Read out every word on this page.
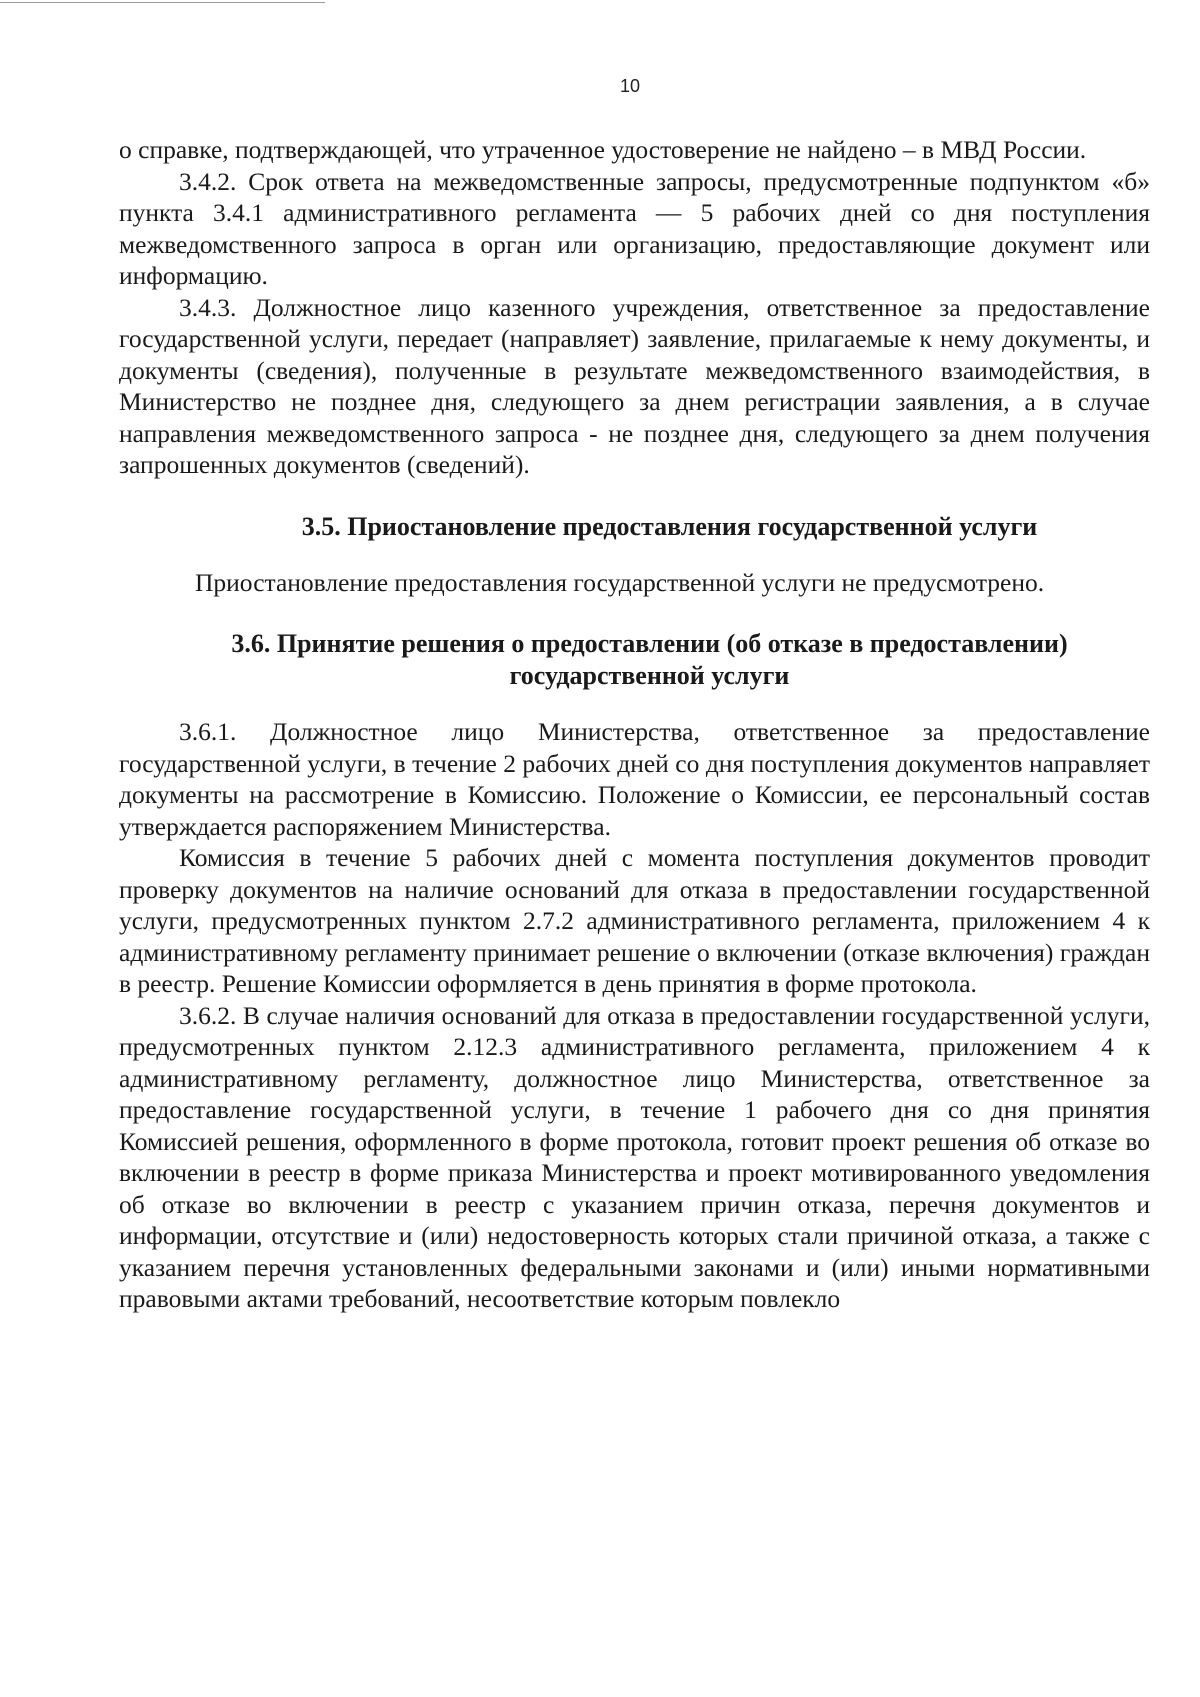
10

о справке, подтверждающей, что утраченное удостоверение не найдено – в МВД России.

3.4.2. Срок ответа на межведомственные запросы, предусмотренные подпунктом «б» пункта 3.4.1 административного регламента — 5 рабочих дней со дня поступления межведомственного запроса в орган или организацию, предоставляющие документ или информацию.

3.4.3. Должностное лицо казенного учреждения, ответственное за предоставление государственной услуги, передает (направляет) заявление, прилагаемые к нему документы, и документы (сведения), полученные в результате межведомственного взаимодействия, в Министерство не позднее дня, следующего за днем регистрации заявления, а в случае направления межведомственного запроса - не позднее дня, следующего за днем получения запрошенных документов (сведений).

3.5. Приостановление предоставления государственной услуги

Приостановление предоставления государственной услуги не предусмотрено.

3.6. Принятие решения о предоставлении (об отказе в предоставлении)
государственной услуги

3.6.1. Должностное лицо Министерства, ответственное за предоставление государственной услуги, в течение 2 рабочих дней со дня поступления документов направляет документы на рассмотрение в Комиссию. Положение о Комиссии, ее персональный состав утверждается распоряжением Министерства.

Комиссия в течение 5 рабочих дней с момента поступления документов проводит проверку документов на наличие оснований для отказа в предоставлении государственной услуги, предусмотренных пунктом 2.7.2 административного регламента, приложением 4 к административному регламенту принимает решение о включении (отказе включения) граждан в реестр. Решение Комиссии оформляется в день принятия в форме протокола.

3.6.2. В случае наличия оснований для отказа в предоставлении государственной услуги, предусмотренных пунктом 2.12.3 административного регламента, приложением 4 к административному регламенту, должностное лицо Министерства, ответственное за предоставление государственной услуги, в течение 1 рабочего дня со дня принятия Комиссией решения, оформленного в форме протокола, готовит проект решения об отказе во включении в реестр в форме приказа Министерства и проект мотивированного уведомления об отказе во включении в реестр с указанием причин отказа, перечня документов и информации, отсутствие и (или) недостоверность которых стали причиной отказа, а также с указанием перечня установленных федеральными законами и (или) иными нормативными правовыми актами требований, несоответствие которым повлекло
